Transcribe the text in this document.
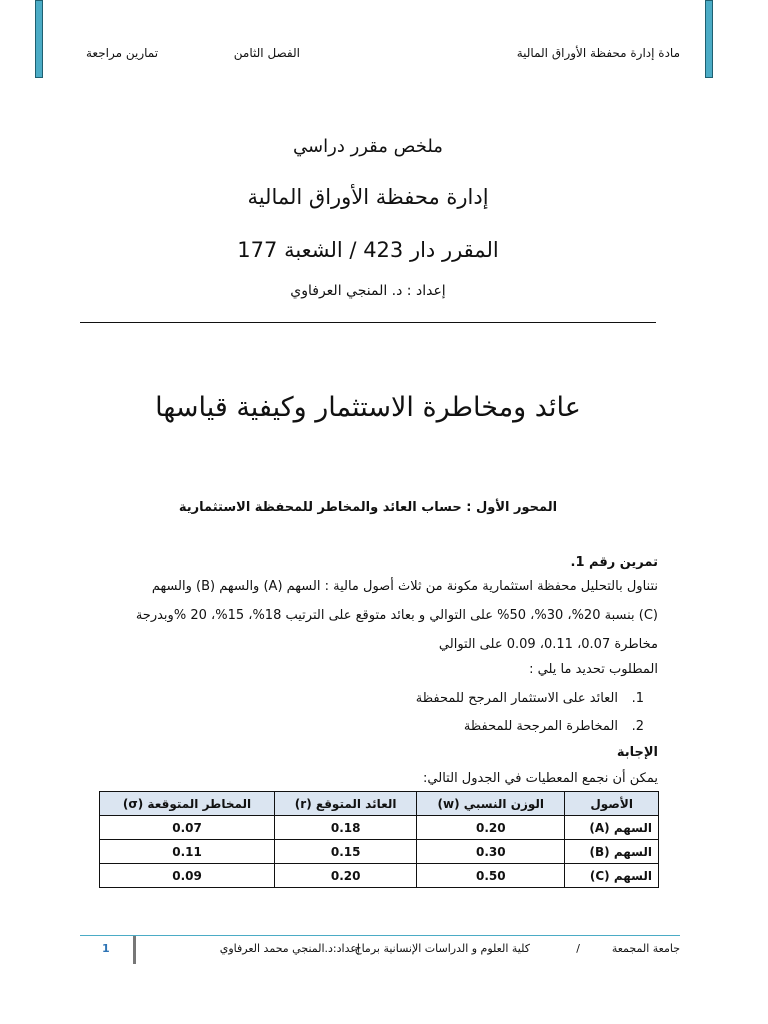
مادة إدارة محفظة الأوراق المالية
الفصل الثامن
تمارين مراجعة
ملخص مقرر دراسي
إدارة محفظة الأوراق المالية
المقرر دار 423 / الشعبة 177
إعداد : د. المنجي العرفاوي
عائد ومخاطرة الاستثمار وكيفية قياسها
المحور الأول : حساب العائد والمخاطر للمحفظة الاستثمارية
تمرين رقم 1.

نتناول بالتحليل محفظة استثمارية مكونة من ثلاث أصول مالية : السهم (A) والسهم (B) والسهم

(C) بنسبة 20%، 30%، 50% على التوالي و بعائد متوقع على الترتيب 18%، 15%، 20 %وبدرجة

مخاطرة 0.07، 0.11، 0.09 على التوالي

المطلوب تحديد ما يلي :
1.
العائد على الاستثمار المرجح للمحفظة
2.
المخاطرة المرجحة للمحفظة
الإجابة
يمكن أن نجمع المعطيات في الجدول التالي:
الأصول	الوزن النسبي (w)	العائد المتوقع (r)	المخاطر المتوقعة (σ)
السهم (A)	0.20	0.18	0.07
السهم (B)	0.30	0.15	0.11
السهم (C)	0.50	0.20	0.09
جامعة المجمعة
/
كلية العلوم و الدراسات الإنسانية برماح
إعداد:د.المنجي محمد العرفاوي
1
